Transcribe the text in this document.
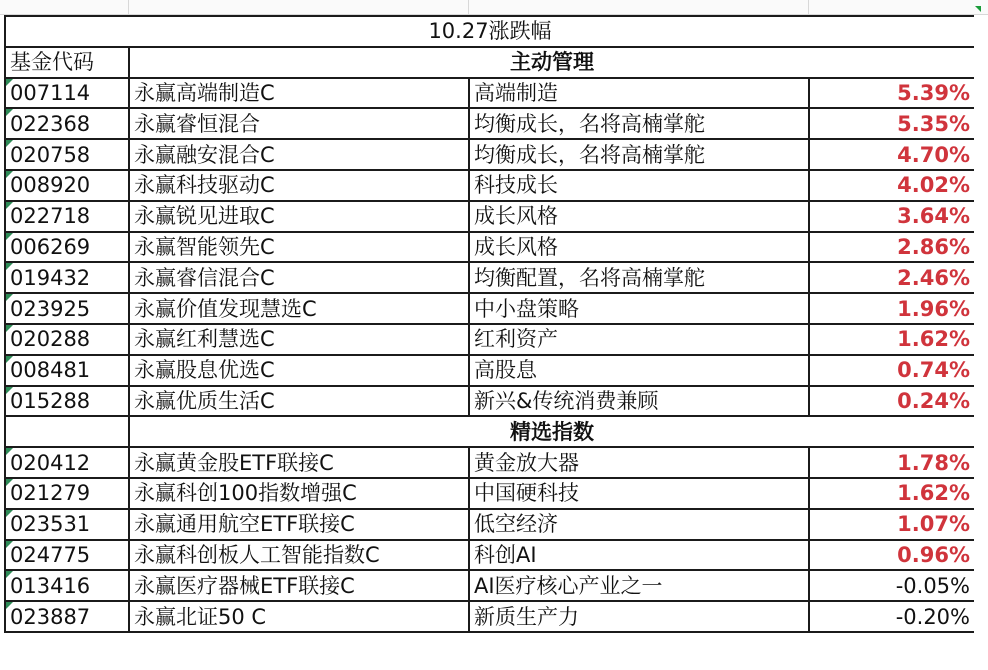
10.27涨跌幅			
基金代码	主动管理		
007114	永赢高端制造C	高端制造	5.39%
022368	永赢睿恒混合	均衡成长，名将高楠掌舵	5.35%
020758	永赢融安混合C	均衡成长，名将高楠掌舵	4.70%
008920	永赢科技驱动C	科技成长	4.02%
022718	永赢锐见进取C	成长风格	3.64%
006269	永赢智能领先C	成长风格	2.86%
019432	永赢睿信混合C	均衡配置，名将高楠掌舵	2.46%
023925	永赢价值发现慧选C	中小盘策略	1.96%
020288	永赢红利慧选C	红利资产	1.62%
008481	永赢股息优选C	高股息	0.74%
015288	永赢优质生活C	新兴&传统消费兼顾	0.24%
	精选指数		
020412	永赢黄金股ETF联接C	黄金放大器	1.78%
021279	永赢科创100指数增强C	中国硬科技	1.62%
023531	永赢通用航空ETF联接C	低空经济	1.07%
024775	永赢科创板人工智能指数C	科创AI	0.96%
013416	永赢医疗器械ETF联接C	AI医疗核心产业之一	-0.05%
023887	永赢北证50 C	新质生产力	-0.20%
